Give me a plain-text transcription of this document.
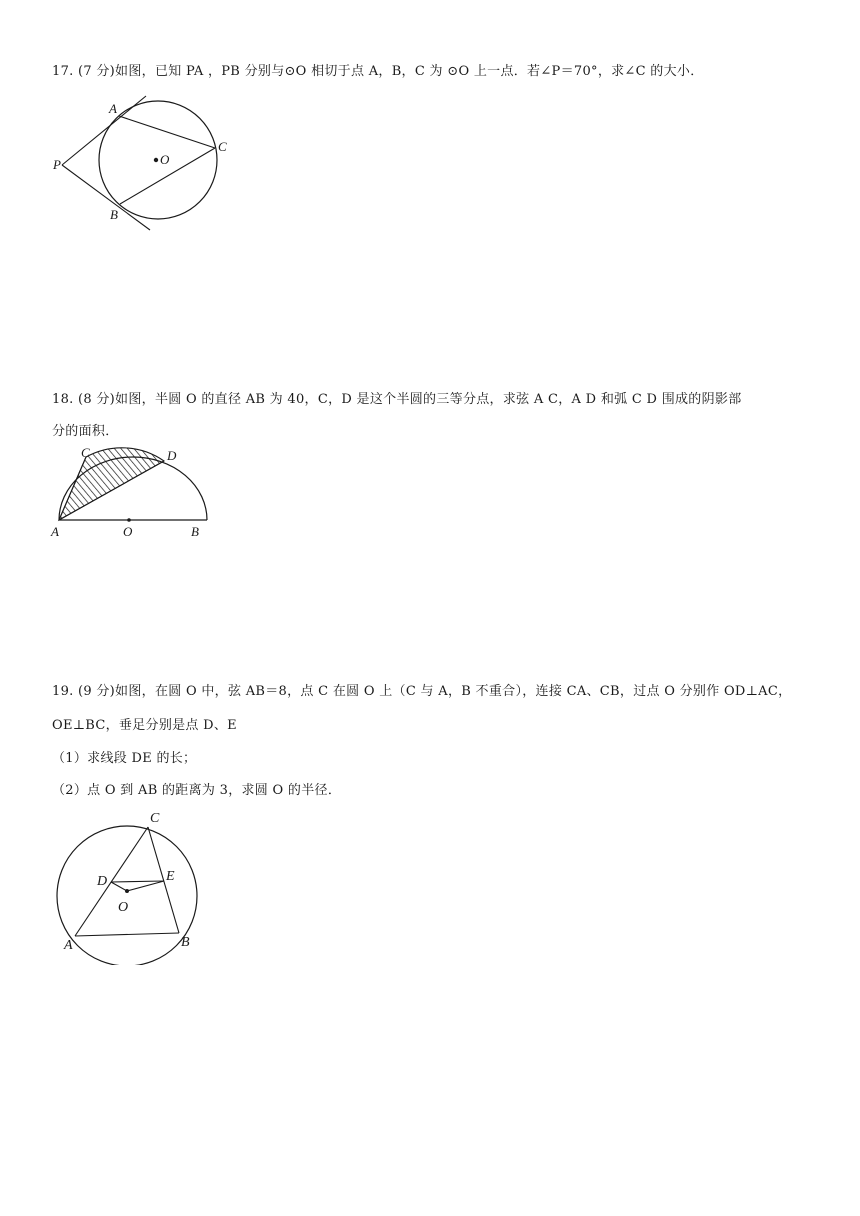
17. (7 分)如图，已知 PA ，PB 分别与⊙O 相切于点 A，B，C 为 ⊙O 上一点．若∠P＝70°，求∠C 的大小．
A
B
C
P	O
18. (8 分)如图，半圆 O 的直径 AB 为 40，C，D 是这个半圆的三等分点，求弦 A C，A D 和弧 C D 围成的阴影部
分的面积．
A	O	B
C	D
19. (9 分)如图，在圆 O 中，弦 AB＝8，点 C 在圆 O 上（C 与 A，B 不重合），连接 CA、CB，过点 O 分别作 OD⊥AC，
OE⊥BC，垂足分别是点 D、E
（1）求线段 DE 的长；
（2）点 O 到 AB 的距离为 3，求圆 O 的半径．
C
D	E
O
A	B
